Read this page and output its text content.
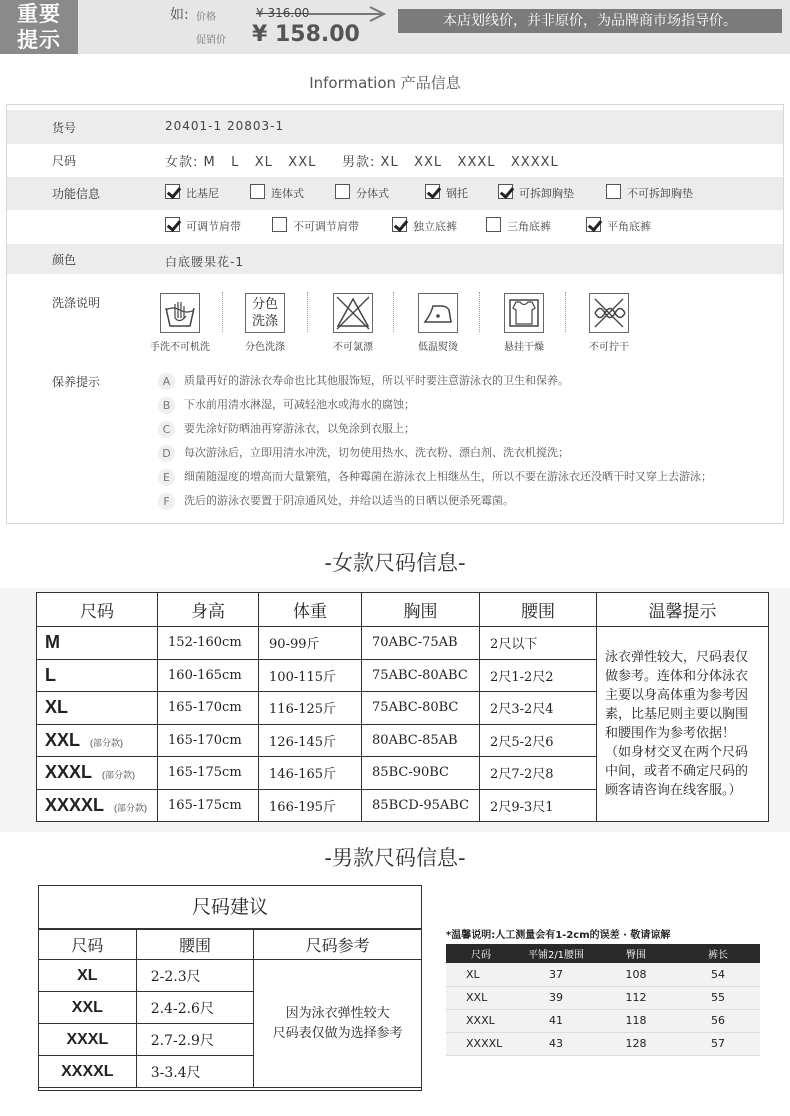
重要
提示
如: 价格	¥ 316.00
促销价 ¥ 158.00
本店划线价，并非原价，为品牌商市场指导价。
Information 产品信息
货号	20401-1 20803-1
尺码	女款: M   L   XL   XXL     男款: XL   XXL   XXXL   XXXXL
功能信息	比基尼	连体式	分体式	钢托	可拆卸胸垫	不可拆卸胸垫
可调节肩带	不可调节肩带	独立底裤	三角底裤	平角底裤
颜色	白底腰果花-1
洗涤说明	分色
洗涤
手洗不可机洗	分色洗涤	不可氯漂	低温熨烫	悬挂干燥	不可拧干
保养提示	A	质量再好的游泳衣寿命也比其他服饰短，所以平时要注意游泳衣的卫生和保养。
B	下水前用清水淋湿，可减轻池水或海水的腐蚀；
C	要先涂好防晒油再穿游泳衣，以免涂到衣服上；
D	每次游泳后，立即用清水冲洗，切勿使用热水、洗衣粉、漂白剂、洗衣机搅洗；
E	细菌随湿度的增高而大量繁殖，各种霉菌在游泳衣上相继丛生，所以不要在游泳衣还没晒干时又穿上去游泳；
F	洗后的游泳衣要置于阴凉通风处，并给以适当的日晒以便杀死霉菌。
-女款尺码信息-
尺码	身高	体重	胸围	腰围	温馨提示
M	152-160cm	90-99斤	70ABC-75AB	2尺以下	泳衣弹性较大，尺码表仅做参考。连体和分体泳衣主要以身高体重为参考因素，比基尼则主要以胸围和腰围作为参考依据！（如身材交叉在两个尺码中间，或者不确定尺码的顾客请咨询在线客服。）
L	160-165cm	100-115斤	75ABC-80ABC	2尺1-2尺2	
XL	165-170cm	116-125斤	75ABC-80BC	2尺3-2尺4	
XXL (部分款)	165-170cm	126-145斤	80ABC-85AB	2尺5-2尺6	
XXXL (部分款)	165-175cm	146-165斤	85BC-90BC	2尺7-2尺8	
XXXXL (部分款)	165-175cm	166-195斤	85BCD-95ABC	2尺9-3尺1	
-男款尺码信息-
尺码建议
尺码	腰围	尺码参考
XL	2-2.3尺	因为泳衣弹性较大
尺码表仅做为选择参考
XXL	2.4-2.6尺	
XXXL	2.7-2.9尺	
XXXXL	3-3.4尺	
*温馨说明:人工测量会有1-2cm的误差 · 敬请谅解
尺码	平铺2/1腰围	臀围	裤长
XL	37	108	54
XXL	39	112	55
XXXL	41	118	56
XXXXL	43	128	57
